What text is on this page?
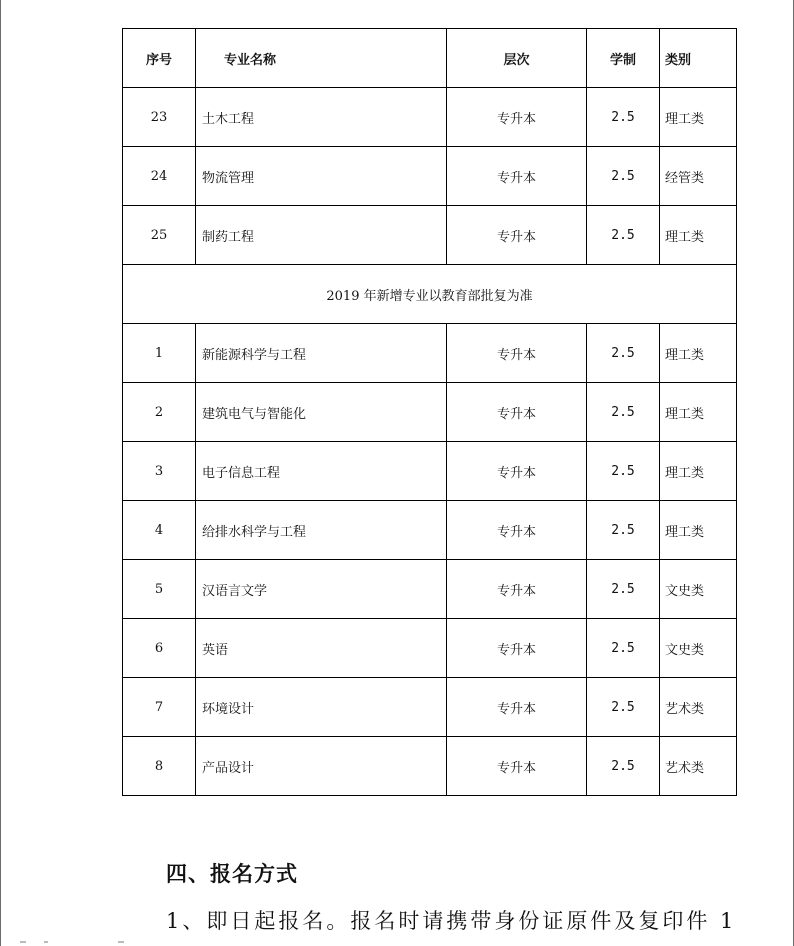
序号	专业名称	层次	学制	类别
23	土木工程	专升本	2.5	理工类
24	物流管理	专升本	2.5	经管类
25	制药工程	专升本	2.5	理工类
2019 年新增专业以教育部批复为准				
1	新能源科学与工程	专升本	2.5	理工类
2	建筑电气与智能化	专升本	2.5	理工类
3	电子信息工程	专升本	2.5	理工类
4	给排水科学与工程	专升本	2.5	理工类
5	汉语言文学	专升本	2.5	文史类
6	英语	专升本	2.5	文史类
7	环境设计	专升本	2.5	艺术类
8	产品设计	专升本	2.5	艺术类
四、报名方式

1、即日起报名。报名时请携带身份证原件及复印件 1
